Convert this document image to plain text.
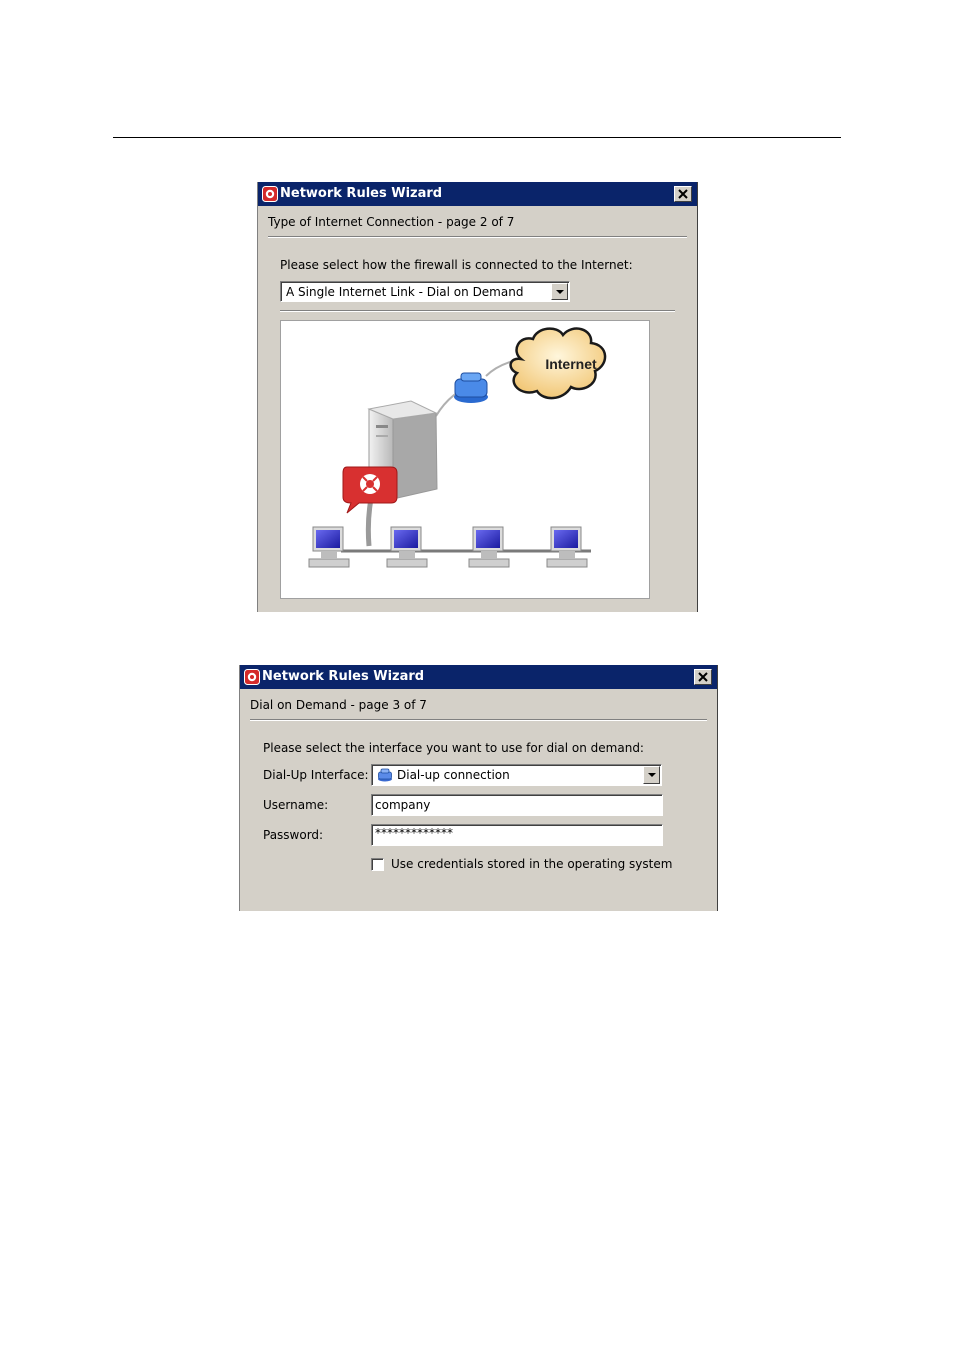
Network Rules Wizard
Type of Internet Connection - page 2 of 7
Please select how the firewall is connected to the Internet:
A Single Internet Link - Dial on Demand
Internet
Network Rules Wizard
Dial on Demand - page 3 of 7
Please select the interface you want to use for dial on demand:
Dial-Up Interface: Dial-up connection
Username:	company
Password:	*************
Use credentials stored in the operating system
